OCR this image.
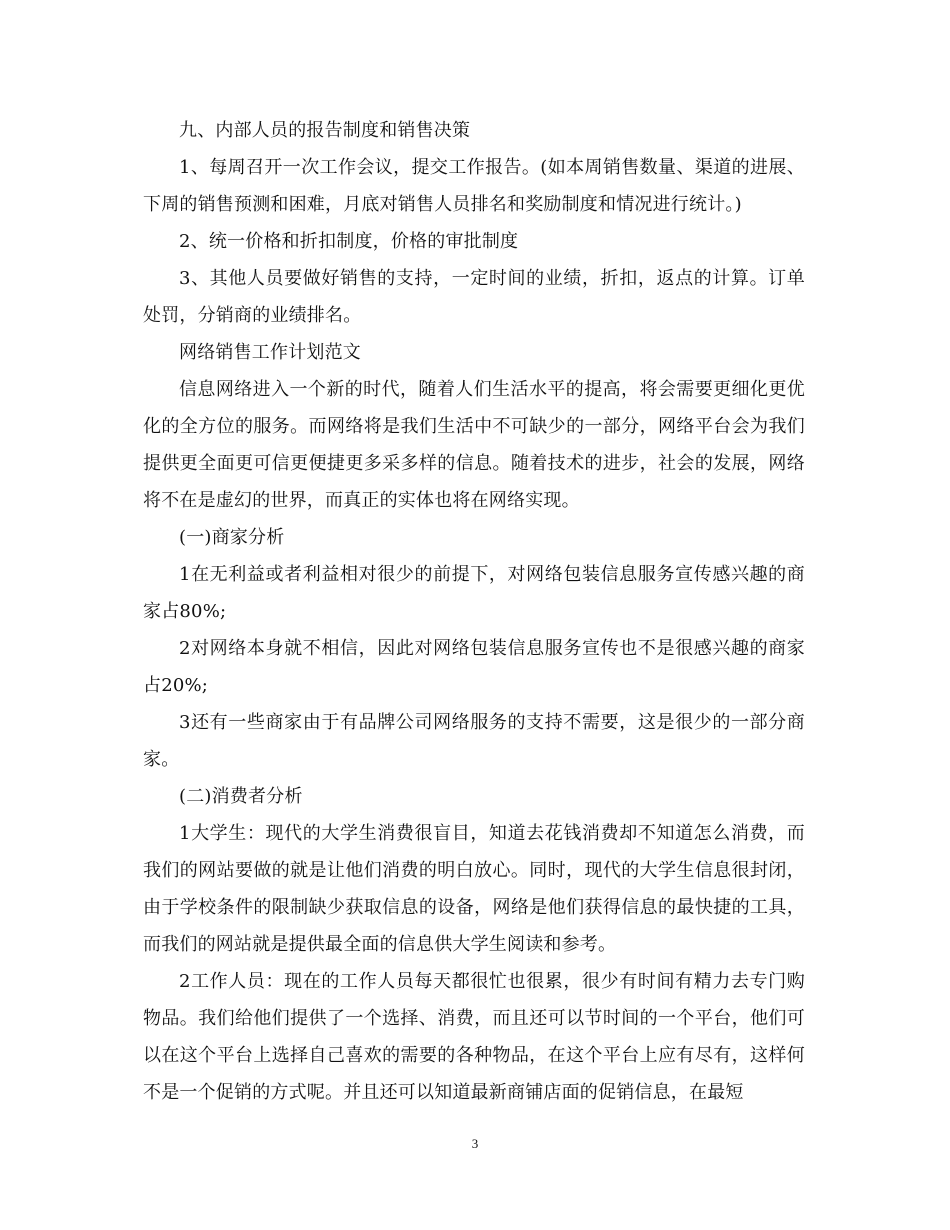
九、内部人员的报告制度和销售决策

1、每周召开一次工作会议，提交工作报告。(如本周销售数量、渠道的进展、下周的销售预测和困难，月底对销售人员排名和奖励制度和情况进行统计。)

2、统一价格和折扣制度，价格的审批制度

3、其他人员要做好销售的支持，一定时间的业绩，折扣，返点的计算。订单处罚，分销商的业绩排名。

网络销售工作计划范文

信息网络进入一个新的时代，随着人们生活水平的提高，将会需要更细化更优化的全方位的服务。而网络将是我们生活中不可缺少的一部分，网络平台会为我们提供更全面更可信更便捷更多采多样的信息。随着技术的进步，社会的发展，网络将不在是虚幻的世界，而真正的实体也将在网络实现。

(一)商家分析

1在无利益或者利益相对很少的前提下，对网络包装信息服务宣传感兴趣的商家占80%;

2对网络本身就不相信，因此对网络包装信息服务宣传也不是很感兴趣的商家占20%;

3还有一些商家由于有品牌公司网络服务的支持不需要，这是很少的一部分商家。

(二)消费者分析

1大学生：现代的大学生消费很盲目，知道去花钱消费却不知道怎么消费，而我们的网站要做的就是让他们消费的明白放心。同时，现代的大学生信息很封闭，由于学校条件的限制缺少获取信息的设备，网络是他们获得信息的最快捷的工具，而我们的网站就是提供最全面的信息供大学生阅读和参考。

2工作人员：现在的工作人员每天都很忙也很累，很少有时间有精力去专门购物品。我们给他们提供了一个选择、消费，而且还可以节时间的一个平台，他们可以在这个平台上选择自己喜欢的需要的各种物品，在这个平台上应有尽有，这样何不是一个促销的方式呢。并且还可以知道最新商铺店面的促销信息，在最短

3
